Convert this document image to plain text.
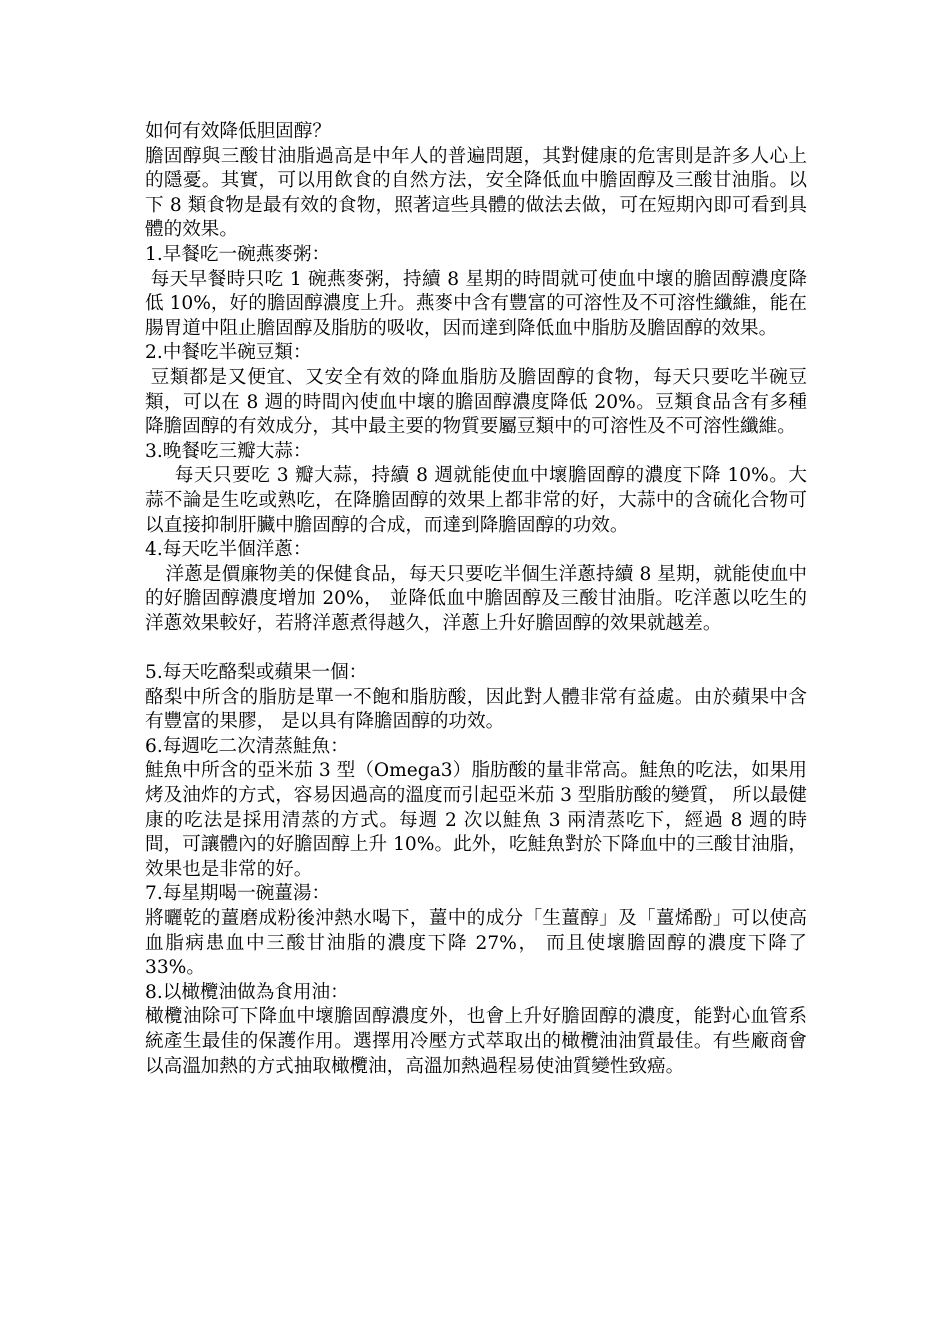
如何有效降低胆固醇？

膽固醇與三酸甘油脂過高是中年人的普遍問題，其對健康的危害則是許多人心上的隱憂。其實，可以用飲食的自然方法，安全降低血中膽固醇及三酸甘油脂。以下 8 類食物是最有效的食物，照著這些具體的做法去做，可在短期內即可看到具體的效果。

1.早餐吃一碗燕麥粥：

每天早餐時只吃 1 碗燕麥粥，持續 8 星期的時間就可使血中壞的膽固醇濃度降低 10%，好的膽固醇濃度上升。燕麥中含有豐富的可溶性及不可溶性纖維，能在腸胃道中阻止膽固醇及脂肪的吸收，因而達到降低血中脂肪及膽固醇的效果。

2.中餐吃半碗豆類：

豆類都是又便宜、又安全有效的降血脂肪及膽固醇的食物，每天只要吃半碗豆類，可以在 8 週的時間內使血中壞的膽固醇濃度降低 20%。豆類食品含有多種降膽固醇的有效成分，其中最主要的物質要屬豆類中的可溶性及不可溶性纖維。

3.晚餐吃三瓣大蒜：

每天只要吃 3 瓣大蒜，持續 8 週就能使血中壞膽固醇的濃度下降 10%。大蒜不論是生吃或熟吃，在降膽固醇的效果上都非常的好，大蒜中的含硫化合物可以直接抑制肝臟中膽固醇的合成，而達到降膽固醇的功效。

4.每天吃半個洋蔥：

洋蔥是價廉物美的保健食品，每天只要吃半個生洋蔥持續 8 星期，就能使血中的好膽固醇濃度增加 20%， 並降低血中膽固醇及三酸甘油脂。吃洋蔥以吃生的洋蔥效果較好，若將洋蔥煮得越久，洋蔥上升好膽固醇的效果就越差。

5.每天吃酪梨或蘋果一個：

酪梨中所含的脂肪是單一不飽和脂肪酸，因此對人體非常有益處。由於蘋果中含有豐富的果膠， 是以具有降膽固醇的功效。

6.每週吃二次清蒸鮭魚：

鮭魚中所含的亞米茄 3 型（Omega3）脂肪酸的量非常高。鮭魚的吃法，如果用烤及油炸的方式，容易因過高的溫度而引起亞米茄 3 型脂肪酸的變質， 所以最健康的吃法是採用清蒸的方式。每週 2 次以鮭魚 3 兩清蒸吃下，經過 8 週的時間，可讓體內的好膽固醇上升 10%。此外，吃鮭魚對於下降血中的三酸甘油脂， 效果也是非常的好。

7.每星期喝一碗薑湯：

將曬乾的薑磨成粉後沖熱水喝下，薑中的成分「生薑醇」及「薑烯酚」可以使高血脂病患血中三酸甘油脂的濃度下降 27%， 而且使壞膽固醇的濃度下降了 33%。

8.以橄欖油做為食用油：

橄欖油除可下降血中壞膽固醇濃度外，也會上升好膽固醇的濃度，能對心血管系統產生最佳的保護作用。選擇用冷壓方式萃取出的橄欖油油質最佳。有些廠商會以高溫加熱的方式抽取橄欖油，高溫加熱過程易使油質變性致癌。
